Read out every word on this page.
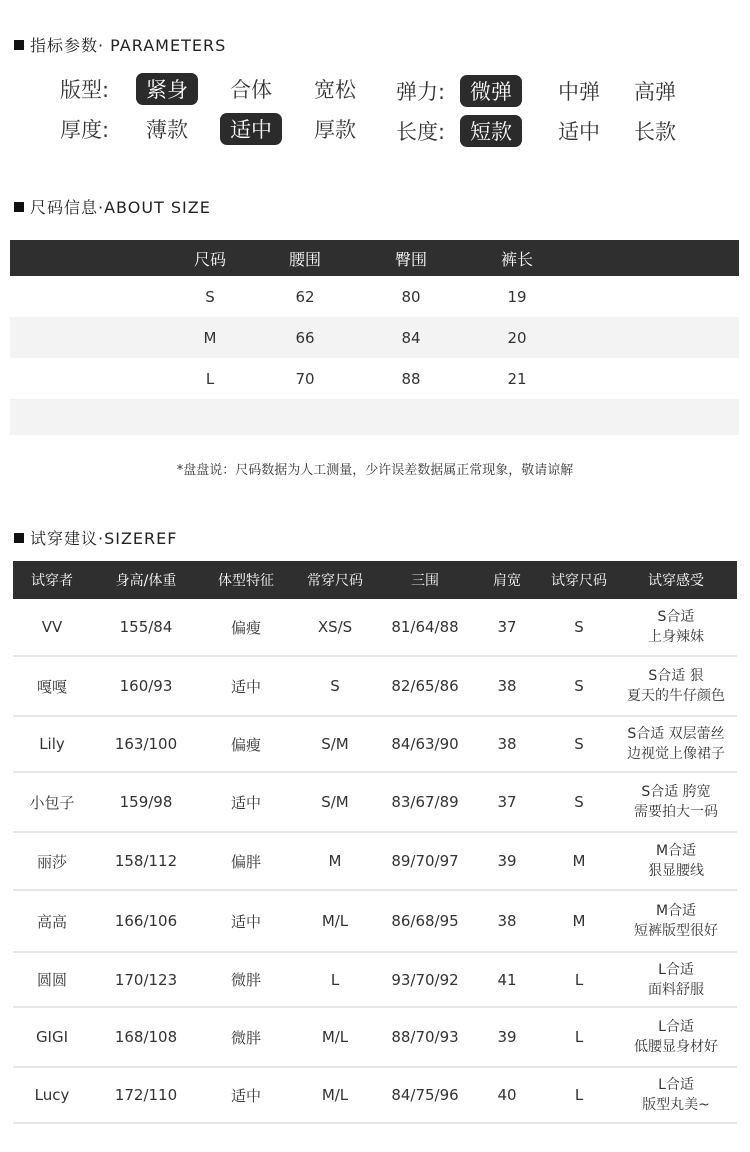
指标参数· PARAMETERS
版型:	紧身	合体	宽松
厚度:	薄款	适中	厚款
弹力:	微弹	中弹	高弹
长度:	短款	适中	长款
尺码信息·ABOUT SIZE
	尺码	腰围	臀围	裤长	
	S	62	80	19	
	M	66	84	20	
	L	70	88	21	

*盘盘说：尺码数据为人工测量，少许误差数据属正常现象，敬请谅解
试穿建议·SIZEREF
试穿者	身高/体重	体型特征	常穿尺码	三围	肩宽	试穿尺码	试穿感受
VV	155/84	偏瘦	XS/S	81/64/88	37	S	S合适
上身辣妹

嘎嘎	160/93	适中	S	82/65/86	38	S	S合适 狠
夏天的牛仔颜色

Lily	163/100	偏瘦	S/M	84/63/90	38	S	S合适 双层蕾丝
边视觉上像裙子

小包子	159/98	适中	S/M	83/67/89	37	S	S合适 胯宽
需要拍大一码

丽莎	158/112	偏胖	M	89/70/97	39	M	M合适
狠显腰线

高高	166/106	适中	M/L	86/68/95	38	M	M合适
短裤版型很好

圆圆	170/123	微胖	L	93/70/92	41	L	L合适
面料舒服

GIGI	168/108	微胖	M/L	88/70/93	39	L	L合适
低腰显身材好

Lucy	172/110	适中	M/L	84/75/96	40	L	L合适
版型丸美~
